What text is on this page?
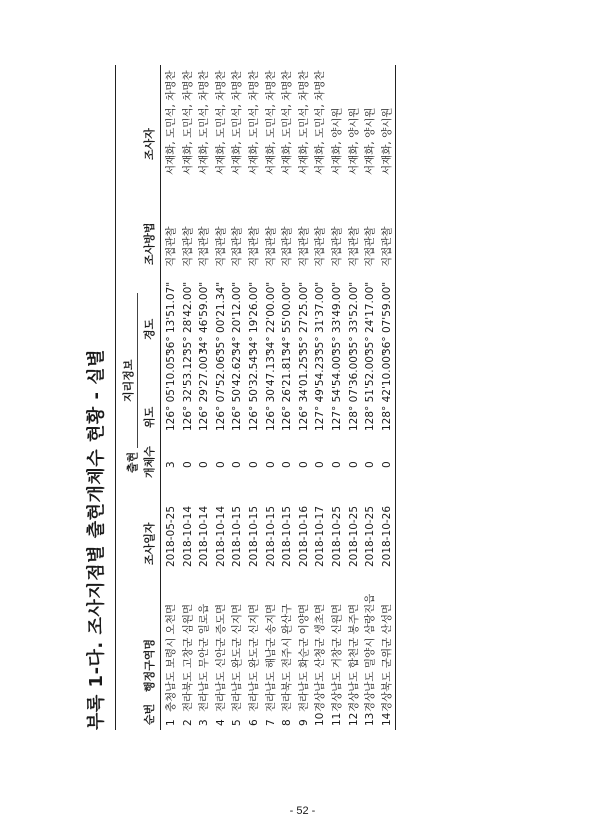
부록 1-다. 조사지점별 출현개체수 현황 - 실별	순번
행정구역명
조사일자
출현 개체수
지리정보
위도
경도
조사방법
조사자
1
충청남도 보령시 오천면
2018-05-25
3
126° 05'10.05"
36° 13'51.07"
직접관찰
서재화, 도민석, 차명찬
2
전라북도 고창군 심원면
2018-10-14
0
126° 32'53.12"
35° 28'42.00"
직접관찰
서재화, 도민석, 차명찬
3
전라남도 무안군 일로읍
2018-10-14
0
126° 29'27.00 "
34° 46'59.00"
직접관찰
서재화, 도민석, 차명찬
4
전라남도 신안군 증도면
2018-10-14
0
126° 07'52.06"
35° 00'21.34"
직접관찰
서재화, 도민석, 차명찬
5
전라남도 완도군 신지면
2018-10-15
0
126° 50'42.62"
34° 20'12.00"
직접관찰
서재화, 도민석, 차명찬
6
전라남도 완도군 신지면
2018-10-15
0
126° 50'32.54"
34° 19'26.00"
직접관찰
서재화, 도민석, 차명찬
7
전라남도 해남군 송지면
2018-10-15
0
126° 30'47.13"
34° 22'00.00"
직접관찰
서재화, 도민석, 차명찬
8
전라북도 전주시 완산구
2018-10-15
0
126° 26'21.81"
34° 55'00.00"
직접관찰
서재화, 도민석, 차명찬
9
전라남도 화순군 이양면
2018-10-16
0
126° 34'01.25"
35° 27'25.00"
직접관찰
서재화, 도민석, 차명찬
10
경상남도 산청군 생초면
2018-10-17
0
127° 49'54.23"
35° 31'37.00"
직접관찰
서재화, 도민석, 차명찬
11
경상남도 거창군 신원면
2018-10-25
0
127° 54'54.00"
35° 33'49.00"
직접관찰
서재화, 양시원
12
경상남도 합천군 봉주면
2018-10-25
0
128° 07'36.00"
35° 33'52.00"
직접관찰
서재화, 양시원
13
경상남도 밀양시 삼랑진읍
2018-10-25
0
128° 51'52.00"
35° 24'17.00"
직접관찰
서재화, 양시원
14
경상북도 군위군 산성면
2018-10-26
0
128° 42'10.00"
36° 07'59.00"
직접관찰
서재화, 양시원
- 52 -
